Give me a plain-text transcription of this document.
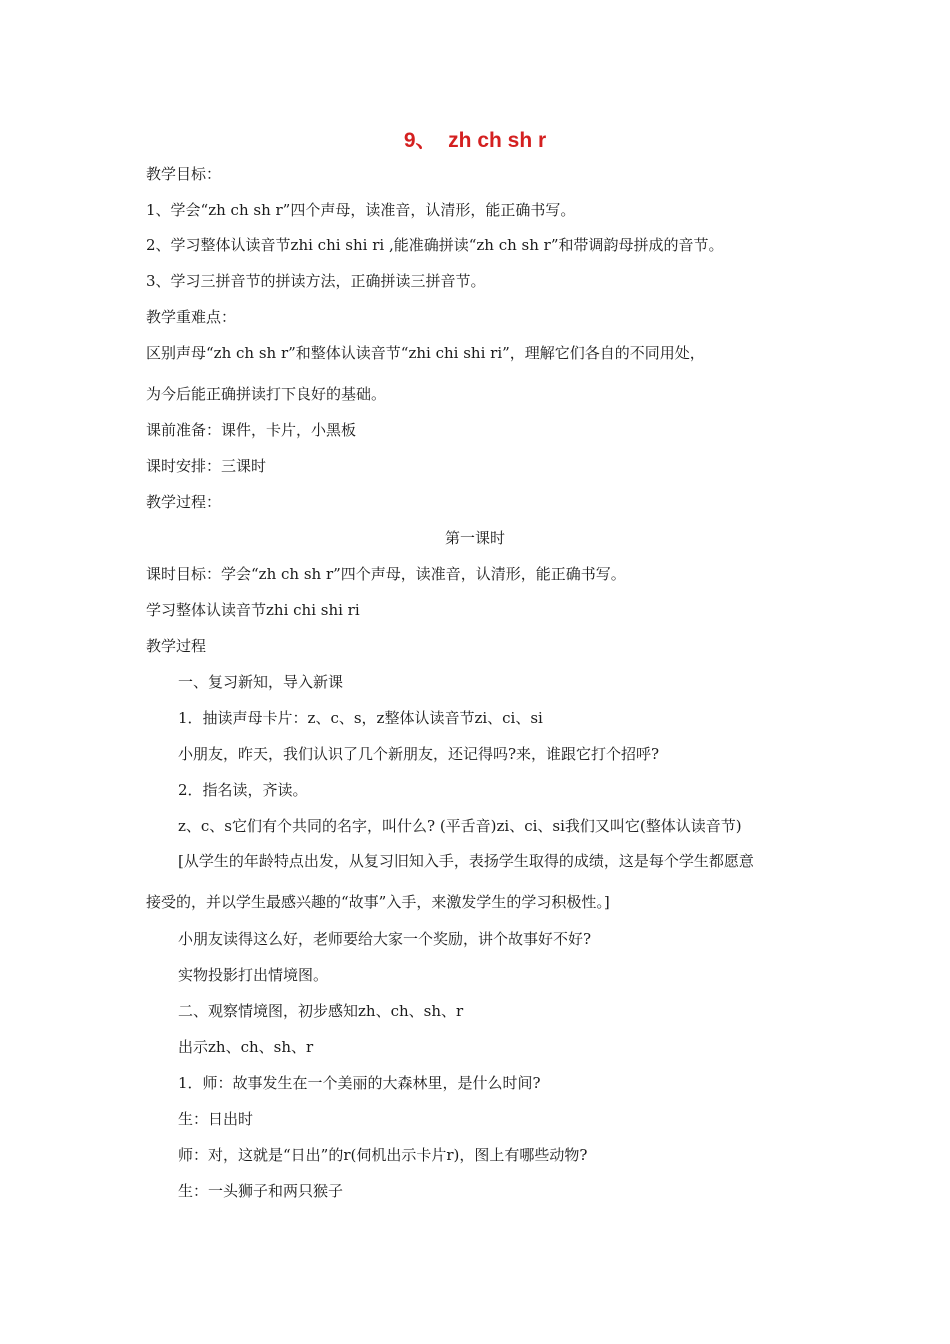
9、  zh ch sh r
教学目标：
1、学会“zh ch sh r”四个声母，读准音，认清形，能正确书写。
2、学习整体认读音节zhi chi shi ri ,能准确拼读“zh ch sh r”和带调韵母拼成的音节。
3、学习三拼音节的拼读方法，正确拼读三拼音节。
教学重难点：
区别声母“zh ch sh r”和整体认读音节“zhi chi shi ri”，理解它们各自的不同用处，
为今后能正确拼读打下良好的基础。
课前准备：课件，卡片，小黑板
课时安排：三课时
教学过程：
第一课时
课时目标：学会“zh ch sh r”四个声母，读准音，认清形，能正确书写。
学习整体认读音节zhi chi shi ri
教学过程
一、复习新知，导入新课
1．抽读声母卡片：z、c、s，z整体认读音节zi、ci、si
小朋友，昨天，我们认识了几个新朋友，还记得吗?来，谁跟它打个招呼?
2．指名读，齐读。
z、c、s它们有个共同的名字，叫什么? (平舌音)zi、ci、si我们又叫它(整体认读音节)
[从学生的年龄特点出发，从复习旧知入手，表扬学生取得的成绩，这是每个学生都愿意
接受的，并以学生最感兴趣的“故事”入手，来激发学生的学习积极性。]
小朋友读得这么好，老师要给大家一个奖励，讲个故事好不好?
实物投影打出情境图。
二、观察情境图，初步感知zh、ch、sh、r
出示zh、ch、sh、r
1．师：故事发生在一个美丽的大森林里，是什么时间?
生：日出时
师：对，这就是“日出”的r(伺机出示卡片r)，图上有哪些动物?
生：一头狮子和两只猴子
